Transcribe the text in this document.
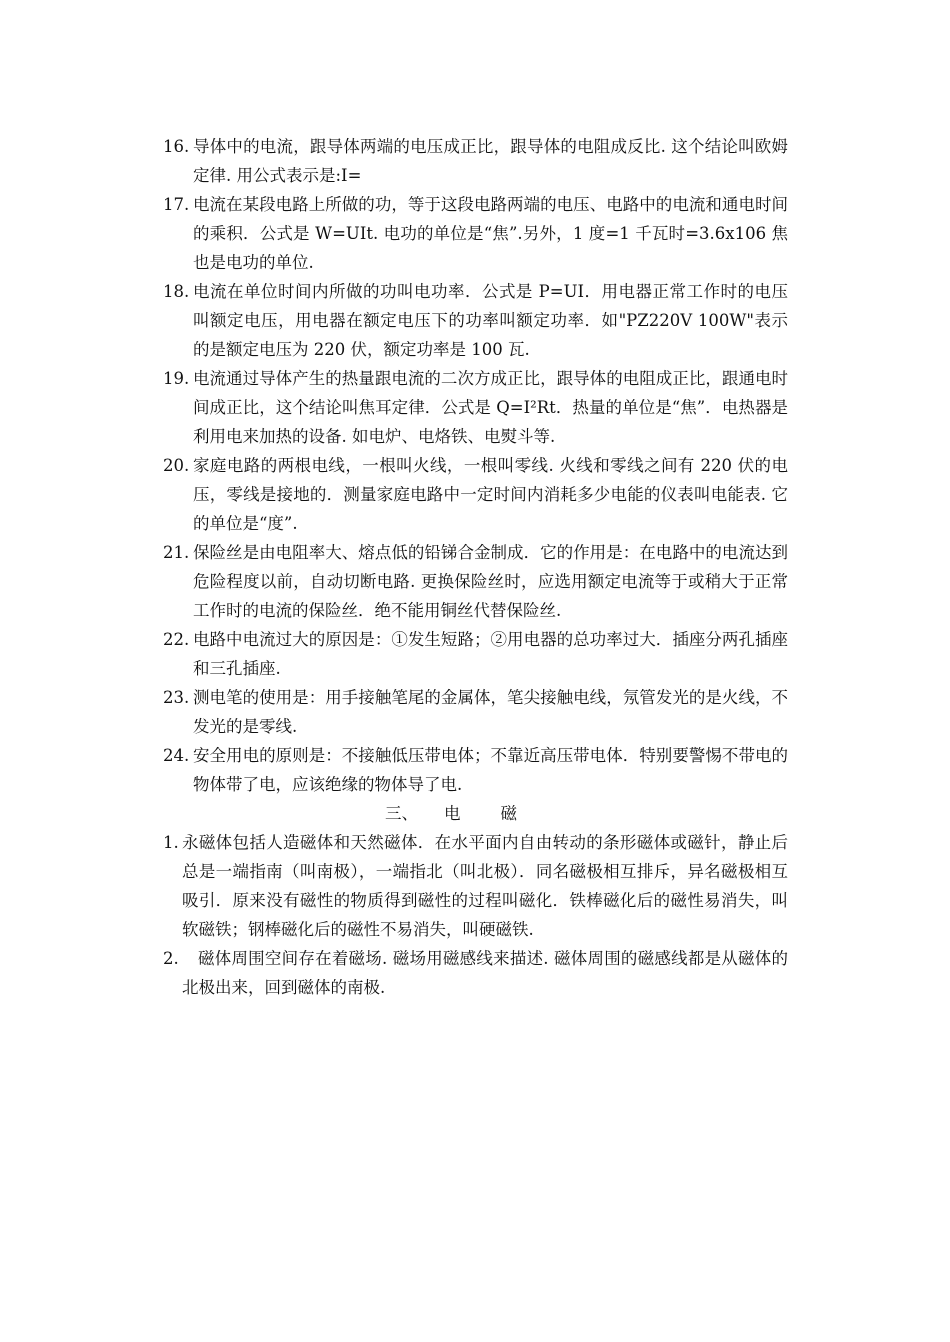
16. 导体中的电流，跟导体两端的电压成正比，跟导体的电阻成反比. 这个结论叫欧姆定律. 用公式表示是:I=
17. 电流在某段电路上所做的功，等于这段电路两端的电压、电路中的电流和通电时间的乘积．公式是 W=UIt. 电功的单位是“焦”.另外，1 度=1 千瓦时=3.6x106 焦也是电功的单位.
18. 电流在单位时间内所做的功叫电功率．公式是 P=UI．用电器正常工作时的电压叫额定电压，用电器在额定电压下的功率叫额定功率．如"PZ220V 100W"表示的是额定电压为 220 伏，额定功率是 100 瓦.
19. 电流通过导体产生的热量跟电流的二次方成正比，跟导体的电阻成正比，跟通电时间成正比，这个结论叫焦耳定律．公式是 Q=I²Rt．热量的单位是“焦”．电热器是利用电来加热的设备. 如电炉、电烙铁、电熨斗等.
20. 家庭电路的两根电线，一根叫火线，一根叫零线. 火线和零线之间有 220 伏的电压，零线是接地的．测量家庭电路中一定时间内消耗多少电能的仪表叫电能表. 它的单位是“度”.
21. 保险丝是由电阻率大、熔点低的铅锑合金制成．它的作用是：在电路中的电流达到危险程度以前，自动切断电路. 更换保险丝时，应选用额定电流等于或稍大于正常工作时的电流的保险丝．绝不能用铜丝代替保险丝.
22. 电路中电流过大的原因是：①发生短路；②用电器的总功率过大．插座分两孔插座和三孔插座.
23. 测电笔的使用是：用手接触笔尾的金属体，笔尖接触电线，氖管发光的是火线，不发光的是零线.
24. 安全用电的原则是：不接触低压带电体；不靠近高压带电体．特别要警惕不带电的物体带了电，应该绝缘的物体导了电.
三、 电 磁
1. 永磁体包括人造磁体和天然磁体．在水平面内自由转动的条形磁体或磁针，静止后总是一端指南（叫南极），一端指北（叫北极）．同名磁极相互排斥，异名磁极相互吸引．原来没有磁性的物质得到磁性的过程叫磁化．铁棒磁化后的磁性易消失，叫软磁铁；钢棒磁化后的磁性不易消失，叫硬磁铁.
2.	磁体周围空间存在着磁场. 磁场用磁感线来描述. 磁体周围的磁感线都是从磁体的北极出来，回到磁体的南极.
